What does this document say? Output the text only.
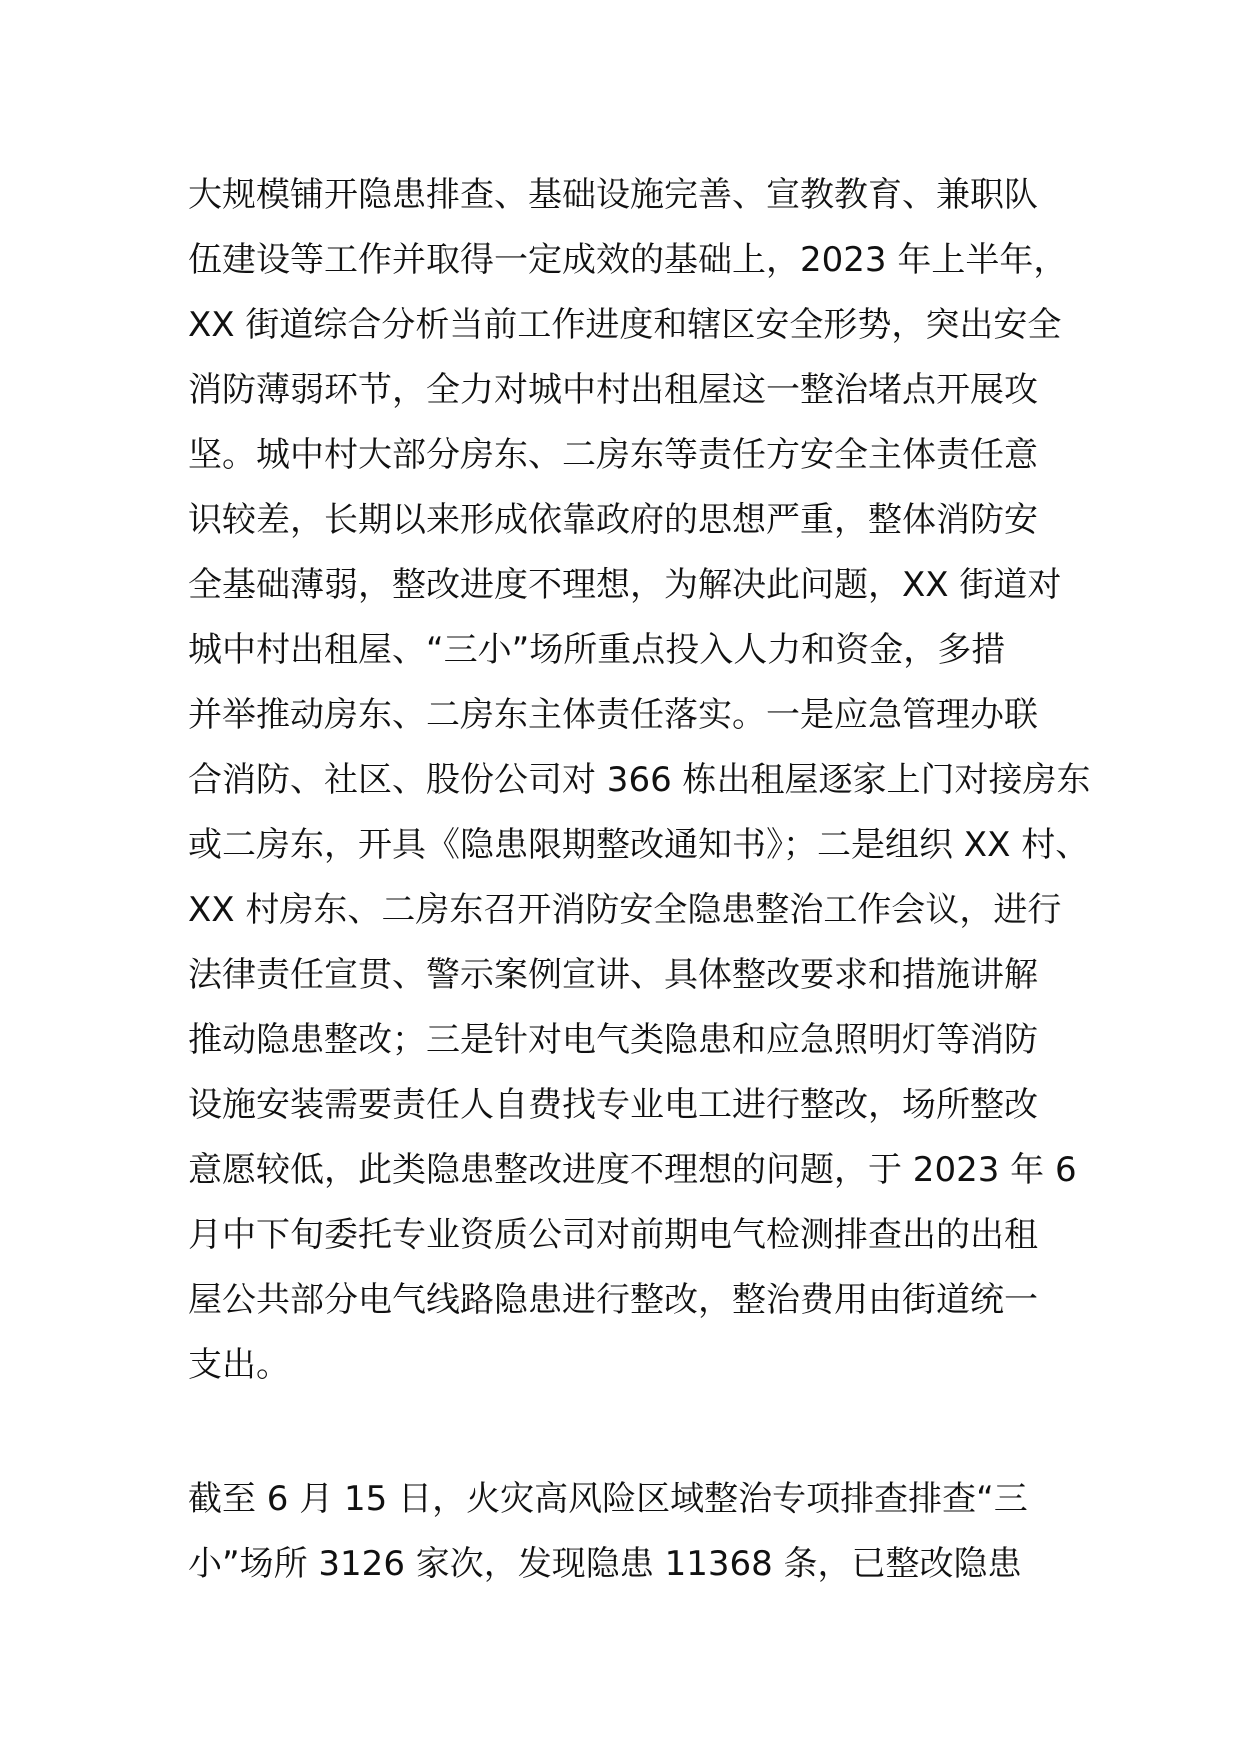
大规模铺开隐患排查、基础设施完善、宣教教育、兼职队
伍建设等工作并取得一定成效的基础上，2023 年上半年，
XX 街道综合分析当前工作进度和辖区安全形势，突出安全
消防薄弱环节，全力对城中村出租屋这一整治堵点开展攻
坚。城中村大部分房东、二房东等责任方安全主体责任意
识较差，长期以来形成依靠政府的思想严重，整体消防安
全基础薄弱，整改进度不理想，为解决此问题，XX 街道对
城中村出租屋、“三小”场所重点投入人力和资金，多措
并举推动房东、二房东主体责任落实。一是应急管理办联
合消防、社区、股份公司对 366 栋出租屋逐家上门对接房东
或二房东，开具《隐患限期整改通知书》；二是组织 XX 村、
XX 村房东、二房东召开消防安全隐患整治工作会议，进行
法律责任宣贯、警示案例宣讲、具体整改要求和措施讲解
推动隐患整改；三是针对电气类隐患和应急照明灯等消防
设施安装需要责任人自费找专业电工进行整改，场所整改
意愿较低，此类隐患整改进度不理想的问题，于 2023 年 6
月中下旬委托专业资质公司对前期电气检测排查出的出租
屋公共部分电气线路隐患进行整改，整治费用由街道统一
支出。
截至 6 月 15 日，火灾高风险区域整治专项排查排查“三
小”场所 3126 家次，发现隐患 11368 条，已整改隐患
